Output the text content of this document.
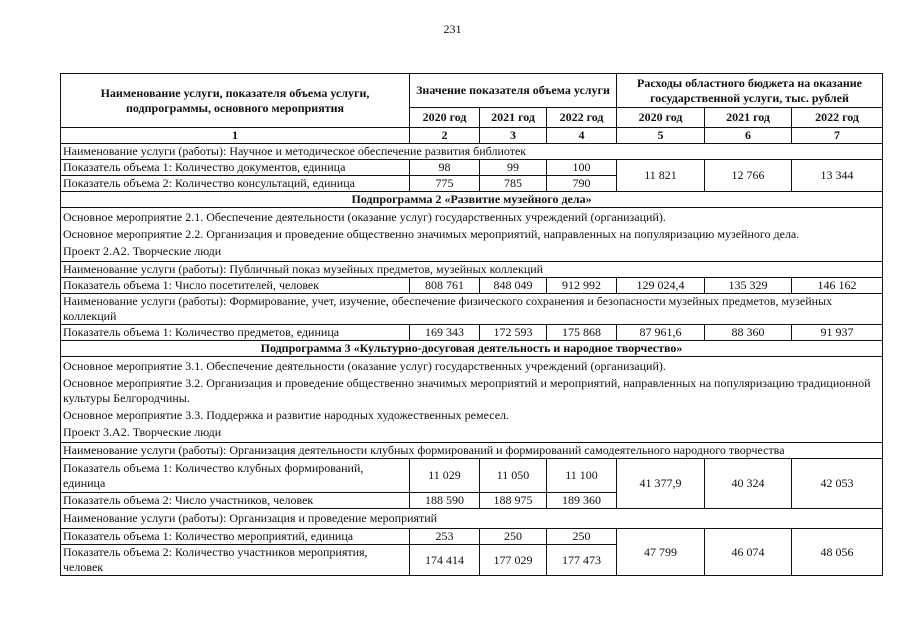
231
Наименование услуги, показателя объема услуги, подпрограммы, основного мероприятия	Значение показателя объема услуги			Расходы областного бюджета на оказание государственной услуги, тыс. рублей		
	2020 год	2021 год	2022 год	2020 год	2021 год	2022 год
1	2	3	4	5	6	7
Наименование услуги (работы): Научное и методическое обеспечение развития библиотек						
Показатель объема 1: Количество документов, единица	98	99	100	11 821	12 766	13 344
Показатель объема 2: Количество консультаций, единица	775	785	790			
Подпрограмма 2 «Развитие музейного дела»						

Основное мероприятие 2.1. Обеспечение деятельности (оказание услуг) государственных учреждений (организаций).
Основное мероприятие 2.2. Организация и проведение общественно значимых мероприятий, направленных на популяризацию музейного дела.
Проект 2.А2. Творческие люди						

Наименование услуги (работы): Публичный показ музейных предметов, музейных коллекций						
Показатель объема 1: Число посетителей, человек	808 761	848 049	912 992	129 024,4	135 329	146 162
Наименование услуги (работы): Формирование, учет, изучение, обеспечение физического сохранения и безопасности музейных предметов, музейных коллекций						
Показатель объема 1: Количество предметов, единица	169 343	172 593	175 868	87 961,6	88 360	91 937
Подпрограмма 3 «Культурно-досуговая деятельность и народное творчество»						

Основное мероприятие 3.1. Обеспечение деятельности (оказание услуг) государственных учреждений (организаций).
Основное мероприятие 3.2. Организация и проведение общественно значимых мероприятий и мероприятий, направленных на популяризацию традиционной культуры Белгородчины.
Основное мероприятие 3.3. Поддержка и развитие народных художественных ремесел.
Проект 3.А2. Творческие люди						

Наименование услуги (работы): Организация деятельности клубных формирований и формирований самодеятельного народного творчества						
Показатель объема 1: Количество клубных формирований, единица	11 029	11 050	11 100	41 377,9	40 324	42 053
Показатель объема 2: Число участников, человек	188 590	188 975	189 360			
Наименование услуги (работы): Организация и проведение мероприятий						
Показатель объема 1: Количество мероприятий, единица	253	250	250	47 799	46 074	48 056
Показатель объема 2: Количество участников мероприятия, человек	174 414	177 029	177 473			
